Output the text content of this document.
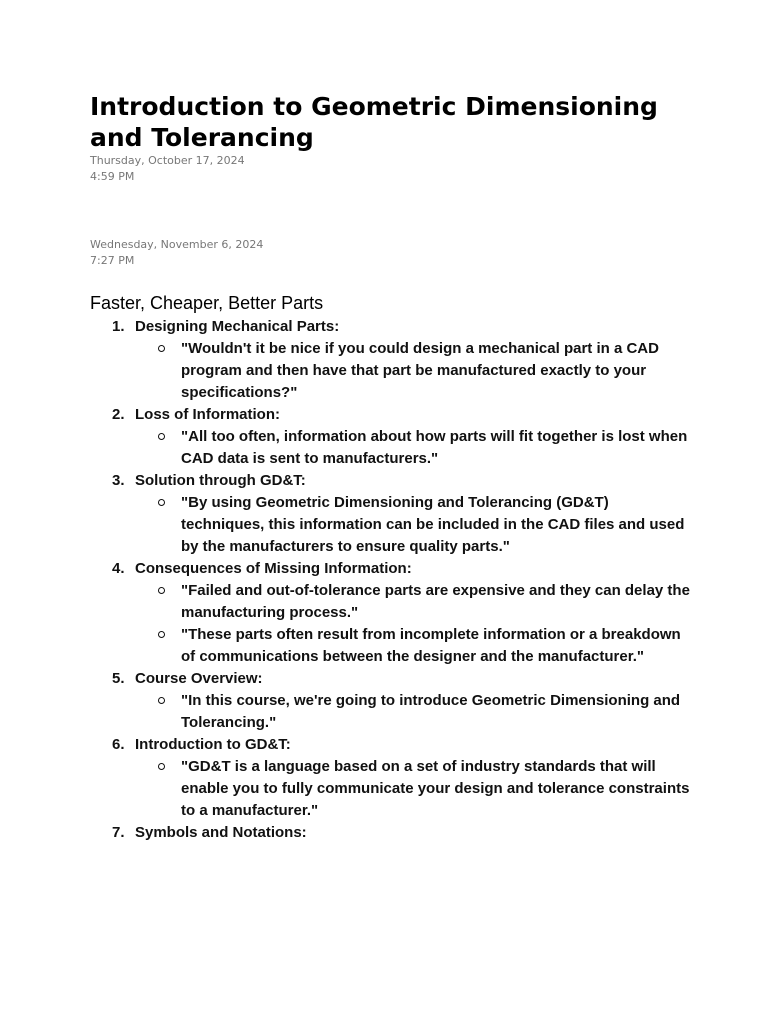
Introduction to Geometric Dimensioning and Tolerancing
Thursday, October 17, 2024
4:59 PM
Wednesday, November 6, 2024
7:27 PM
Faster, Cheaper, Better Parts
1. Designing Mechanical Parts:
"Wouldn't it be nice if you could design a mechanical part in a CAD program and then have that part be manufactured exactly to your specifications?"
2. Loss of Information:
"All too often, information about how parts will fit together is lost when CAD data is sent to manufacturers."
3. Solution through GD&T:
"By using Geometric Dimensioning and Tolerancing (GD&T) techniques, this information can be included in the CAD files and used by the manufacturers to ensure quality parts."
4. Consequences of Missing Information:
"Failed and out-of-tolerance parts are expensive and they can delay the manufacturing process."
"These parts often result from incomplete information or a breakdown of communications between the designer and the manufacturer."
5. Course Overview:
"In this course, we're going to introduce Geometric Dimensioning and Tolerancing."
6. Introduction to GD&T:
"GD&T is a language based on a set of industry standards that will enable you to fully communicate your design and tolerance constraints to a manufacturer."
7. Symbols and Notations:
